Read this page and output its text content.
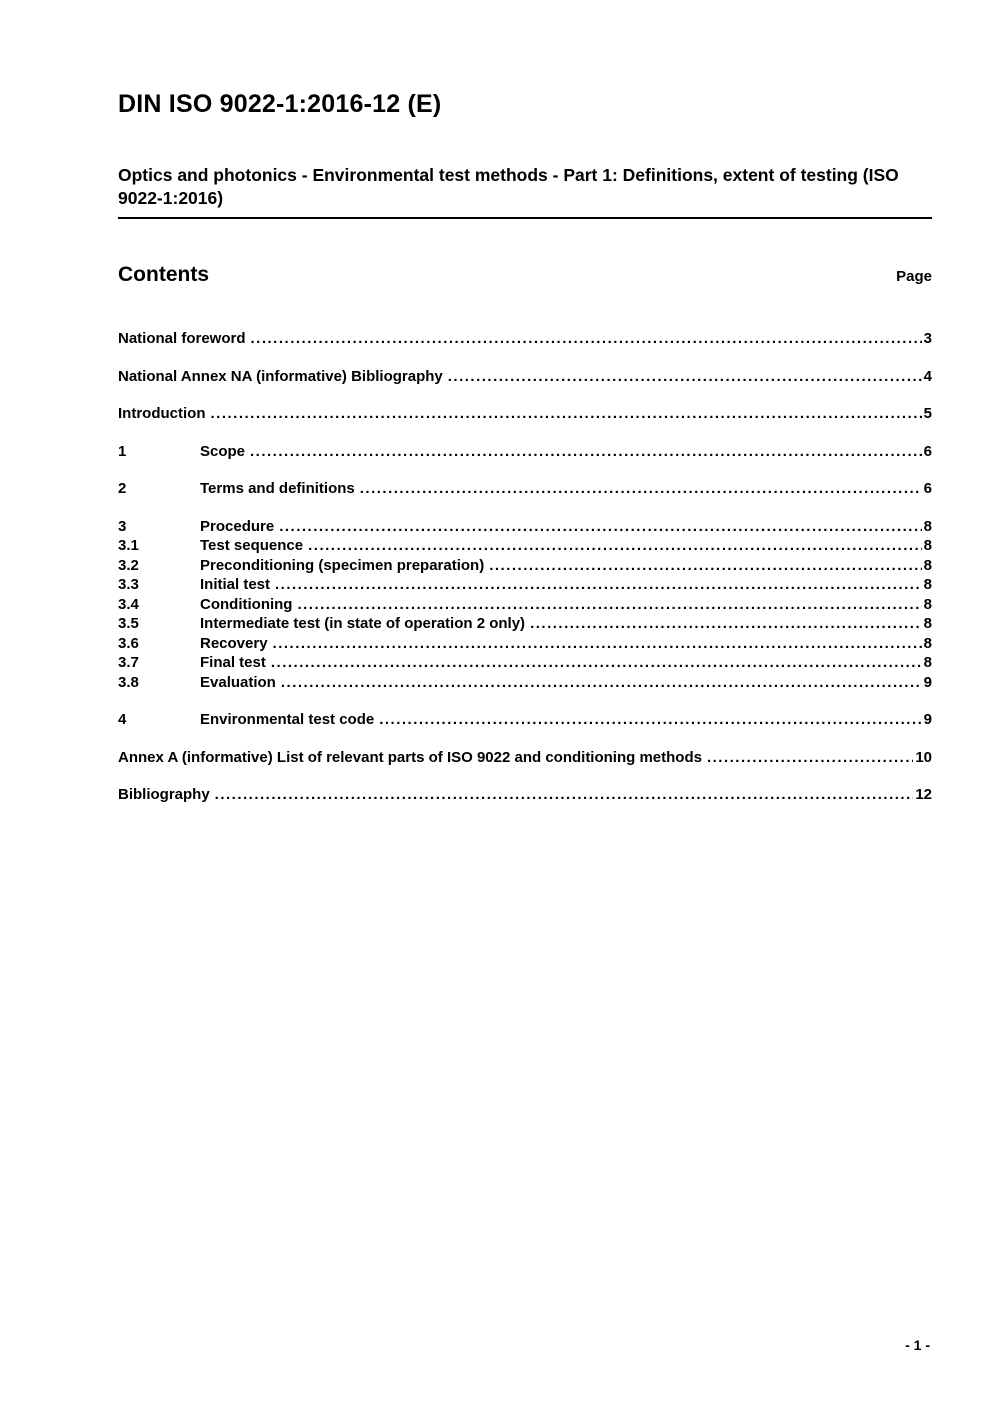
DIN ISO 9022-1:2016-12 (E)
Optics and photonics - Environmental test methods - Part 1: Definitions, extent of testing (ISO 9022-1:2016)
Contents	Page
National foreword .....	3
National Annex NA (informative) Bibliography .....	4
Introduction .....	5
1	Scope .....	6
2	Terms and definitions .....	6
3	Procedure .....	8
3.1	Test sequence .....	8
3.2	Preconditioning (specimen preparation) .....	8
3.3	Initial test .....	8
3.4	Conditioning .....	8
3.5	Intermediate test (in state of operation 2 only) .....	8
3.6	Recovery .....	8
3.7	Final test .....	8
3.8	Evaluation .....	9
4	Environmental test code .....	9
Annex A (informative) List of relevant parts of ISO 9022 and conditioning methods .....	10
Bibliography .....	12
- 1 -
